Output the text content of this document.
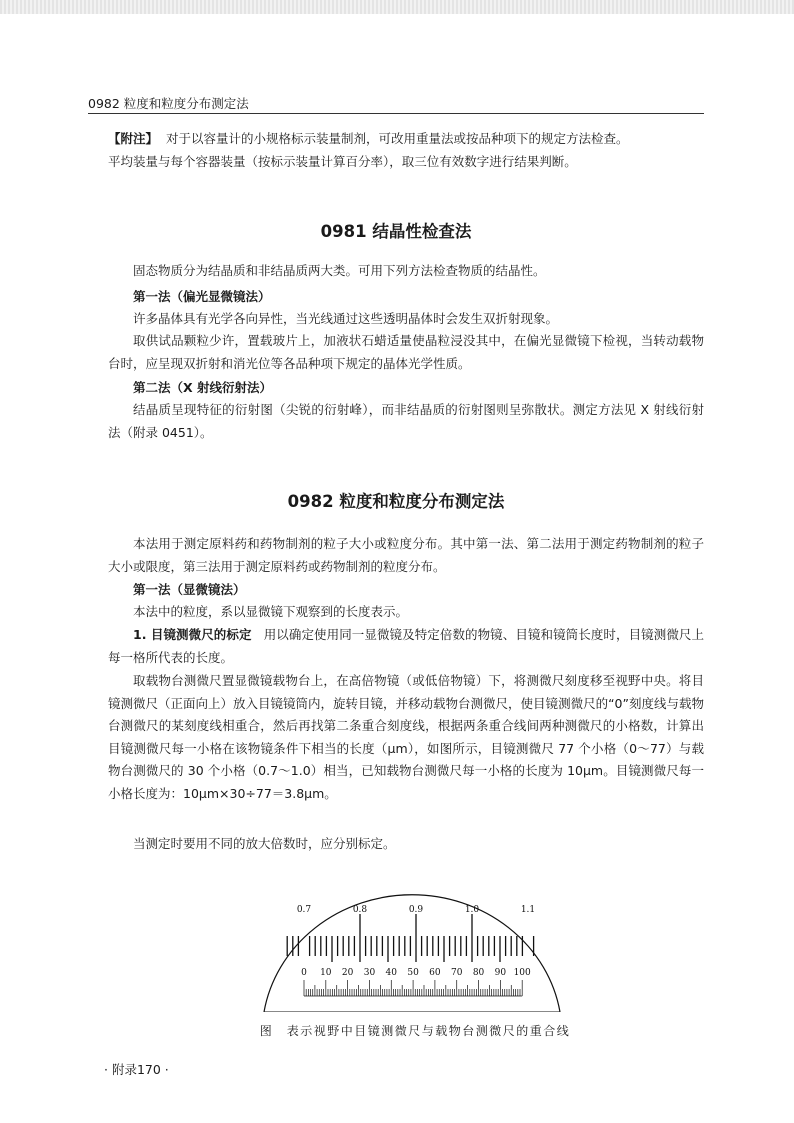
0982 粒度和粒度分布测定法

【附注】 对于以容量计的小规格标示装量制剂，可改用重量法或按品种项下的规定方法检查。

平均装量与每个容器装量（按标示装量计算百分率），取三位有效数字进行结果判断。

0981 结晶性检查法

固态物质分为结晶质和非结晶质两大类。可用下列方法检查物质的结晶性。

第一法（偏光显微镜法）

许多晶体具有光学各向异性，当光线通过这些透明晶体时会发生双折射现象。

取供试品颗粒少许，置载玻片上，加液状石蜡适量使晶粒浸没其中，在偏光显微镜下检视，当转动载物台时，应呈现双折射和消光位等各品种项下规定的晶体光学性质。

第二法（X 射线衍射法）

结晶质呈现特征的衍射图（尖锐的衍射峰），而非结晶质的衍射图则呈弥散状。测定方法见 X 射线衍射法（附录 0451）。

0982 粒度和粒度分布测定法

本法用于测定原料药和药物制剂的粒子大小或粒度分布。其中第一法、第二法用于测定药物制剂的粒子大小或限度，第三法用于测定原料药或药物制剂的粒度分布。

第一法（显微镜法）

本法中的粒度，系以显微镜下观察到的长度表示。

1. 目镜测微尺的标定 用以确定使用同一显微镜及特定倍数的物镜、目镜和镜筒长度时，目镜测微尺上每一格所代表的长度。

取载物台测微尺置显微镜载物台上，在高倍物镜（或低倍物镜）下，将测微尺刻度移至视野中央。将目镜测微尺（正面向上）放入目镜镜筒内，旋转目镜，并移动载物台测微尺，使目镜测微尺的“0”刻度线与载物台测微尺的某刻度线相重合，然后再找第二条重合刻度线，根据两条重合线间两种测微尺的小格数，计算出目镜测微尺每一小格在该物镜条件下相当的长度（μm），如图所示，目镜测微尺 77 个小格（0～77）与载物台测微尺的 30 个小格（0.7～1.0）相当，已知载物台测微尺每一小格的长度为 10μm。目镜测微尺每一小格长度为：10μm×30÷77＝3.8μm。

当测定时要用不同的放大倍数时，应分别标定。

0.7	0.8	0.9	1.0	1.1
0 10 20 30 40 50 60 70 80 90 100
图　表示视野中目镜测微尺与载物台测微尺的重合线
· 附录170 ·
